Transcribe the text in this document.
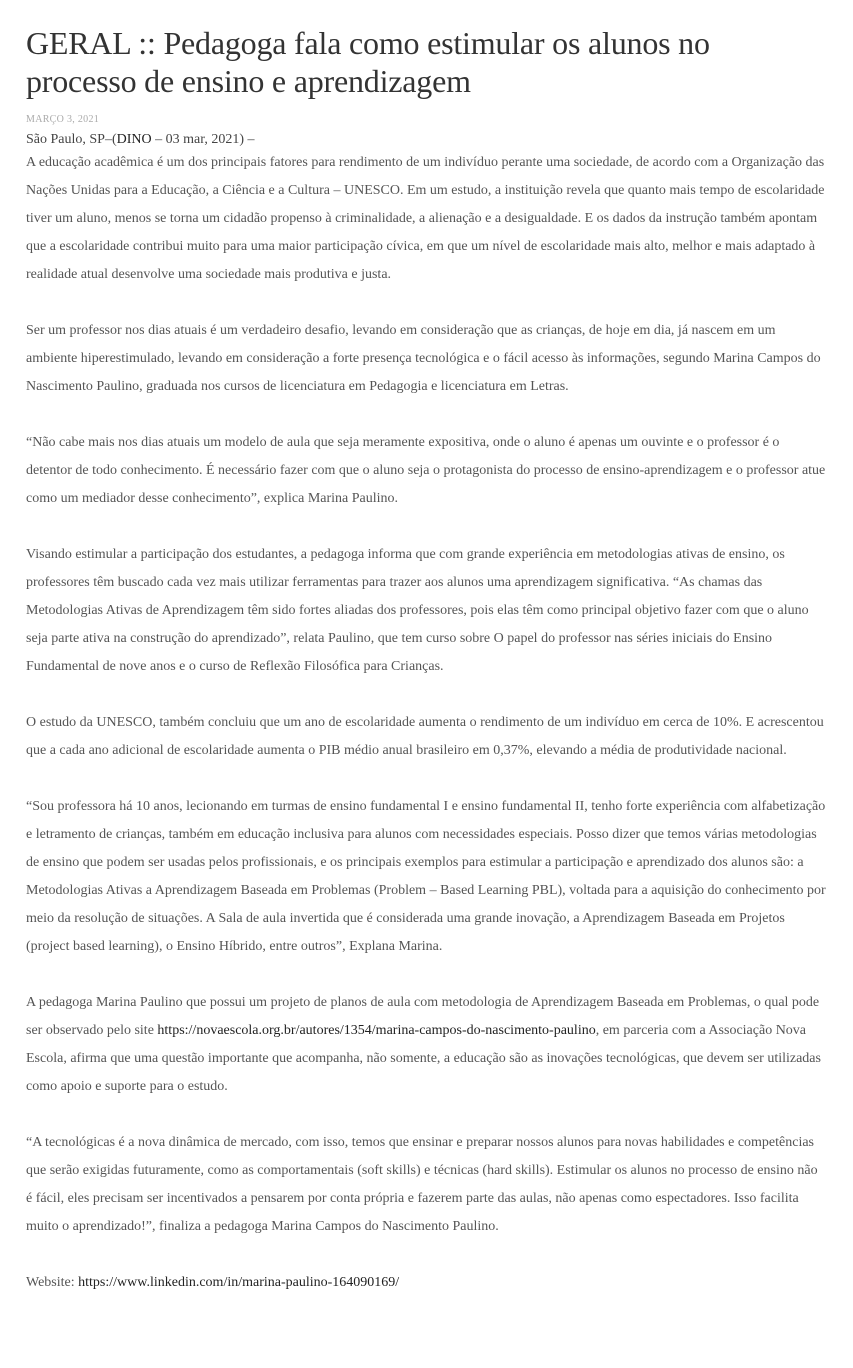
GERAL :: Pedagoga fala como estimular os alunos no processo de ensino e aprendizagem
MARÇO 3, 2021
São Paulo, SP–(DINO – 03 mar, 2021) –

A educação acadêmica é um dos principais fatores para rendimento de um indivíduo perante uma sociedade, de acordo com a Organização das Nações Unidas para a Educação, a Ciência e a Cultura – UNESCO. Em um estudo, a instituição revela que quanto mais tempo de escolaridade tiver um aluno, menos se torna um cidadão propenso à criminalidade, a alienação e a desigualdade. E os dados da instrução também apontam que a escolaridade contribui muito para uma maior participação cívica, em que um nível de escolaridade mais alto, melhor e mais adaptado à realidade atual desenvolve uma sociedade mais produtiva e justa.

Ser um professor nos dias atuais é um verdadeiro desafio, levando em consideração que as crianças, de hoje em dia, já nascem em um ambiente hiperestimulado, levando em consideração a forte presença tecnológica e o fácil acesso às informações, segundo Marina Campos do Nascimento Paulino, graduada nos cursos de licenciatura em Pedagogia e licenciatura em Letras.

“Não cabe mais nos dias atuais um modelo de aula que seja meramente expositiva, onde o aluno é apenas um ouvinte e o professor é o detentor de todo conhecimento. É necessário fazer com que o aluno seja o protagonista do processo de ensino-aprendizagem e o professor atue como um mediador desse conhecimento”, explica Marina Paulino.

Visando estimular a participação dos estudantes, a pedagoga informa que com grande experiência em metodologias ativas de ensino, os professores têm buscado cada vez mais utilizar ferramentas para trazer aos alunos uma aprendizagem significativa. “As chamas das Metodologias Ativas de Aprendizagem têm sido fortes aliadas dos professores, pois elas têm como principal objetivo fazer com que o aluno seja parte ativa na construção do aprendizado”, relata Paulino, que tem curso sobre O papel do professor nas séries iniciais do Ensino Fundamental de nove anos e o curso de Reflexão Filosófica para Crianças.

O estudo da UNESCO, também concluiu que um ano de escolaridade aumenta o rendimento de um indivíduo em cerca de 10%. E acrescentou que a cada ano adicional de escolaridade aumenta o PIB médio anual brasileiro em 0,37%, elevando a média de produtividade nacional.

“Sou professora há 10 anos, lecionando em turmas de ensino fundamental I e ensino fundamental II, tenho forte experiência com alfabetização e letramento de crianças, também em educação inclusiva para alunos com necessidades especiais. Posso dizer que temos várias metodologias de ensino que podem ser usadas pelos profissionais, e os principais exemplos para estimular a participação e aprendizado dos alunos são: a Metodologias Ativas a Aprendizagem Baseada em Problemas (Problem – Based Learning PBL), voltada para a aquisição do conhecimento por meio da resolução de situações. A Sala de aula invertida que é considerada uma grande inovação, a Aprendizagem Baseada em Projetos (project based learning), o Ensino Híbrido, entre outros”, Explana Marina.

A pedagoga Marina Paulino que possui um projeto de planos de aula com metodologia de Aprendizagem Baseada em Problemas, o qual pode ser observado pelo site https://novaescola.org.br/autores/1354/marina-campos-do-nascimento-paulino, em parceria com a Associação Nova Escola, afirma que uma questão importante que acompanha, não somente, a educação são as inovações tecnológicas, que devem ser utilizadas como apoio e suporte para o estudo.

“A tecnológicas é a nova dinâmica de mercado, com isso, temos que ensinar e preparar nossos alunos para novas habilidades e competências que serão exigidas futuramente, como as comportamentais (soft skills) e técnicas (hard skills). Estimular os alunos no processo de ensino não é fácil, eles precisam ser incentivados a pensarem por conta própria e fazerem parte das aulas, não apenas como espectadores. Isso facilita muito o aprendizado!”, finaliza a pedagoga Marina Campos do Nascimento Paulino.

Website: https://www.linkedin.com/in/marina-paulino-164090169/
